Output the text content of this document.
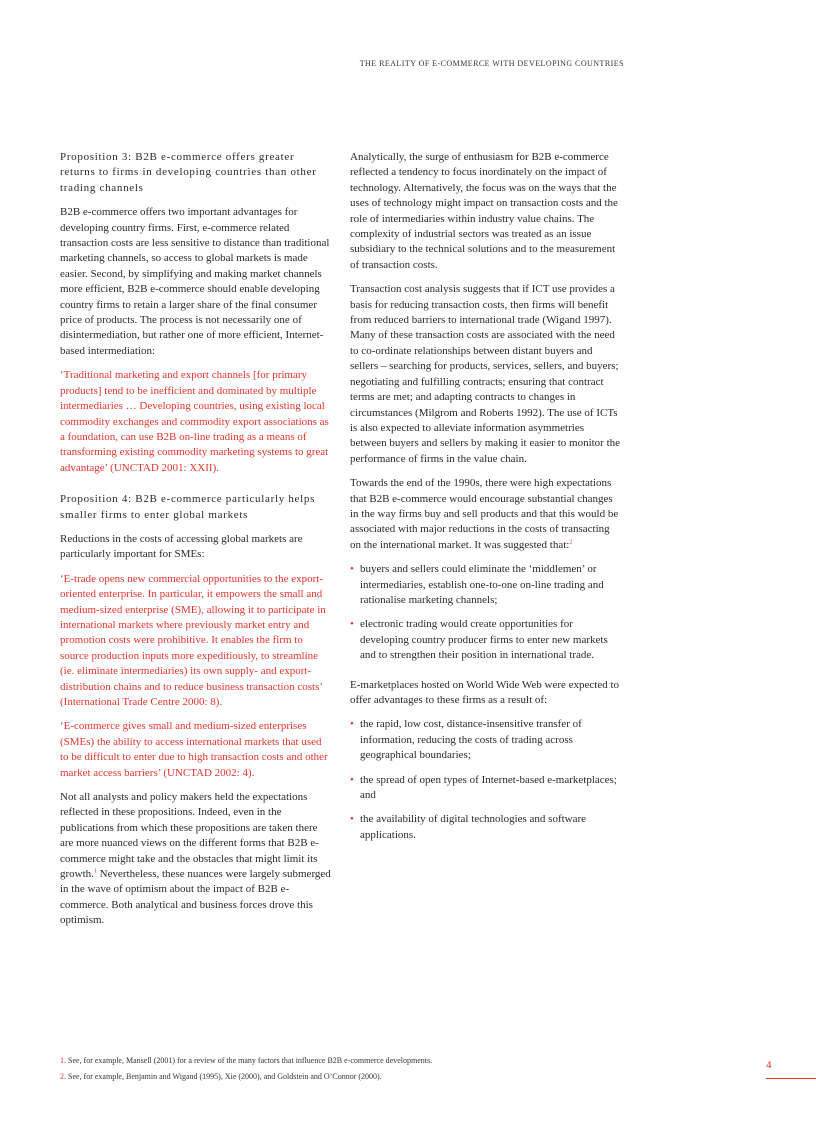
THE REALITY OF E-COMMERCE WITH DEVELOPING COUNTRIES

Proposition 3: B2B e-commerce offers greater returns to firms in developing countries than other trading channels

B2B e-commerce offers two important advantages for developing country firms. First, e-commerce related transaction costs are less sensitive to distance than traditional marketing channels, so access to global markets is made easier. Second, by simplifying and making market channels more efficient, B2B e-commerce should enable developing country firms to retain a larger share of the final consumer price of products. The process is not necessarily one of disintermediation, but rather one of more efficient, Internet-based intermediation:

‘Traditional marketing and export channels [for primary products] tend to be inefficient and dominated by multiple intermediaries … Developing countries, using existing local commodity exchanges and commodity export associations as a foundation, can use B2B on-line trading as a means of transforming existing commodity marketing systems to great advantage’ (UNCTAD 2001: XXII).

Proposition 4: B2B e-commerce particularly helps smaller firms to enter global markets

Reductions in the costs of accessing global markets are particularly important for SMEs:

‘E-trade opens new commercial opportunities to the export-oriented enterprise. In particular, it empowers the small and medium-sized enterprise (SME), allowing it to participate in international markets where previously market entry and promotion costs were prohibitive. It enables the firm to source production inputs more expeditiously, to streamline (ie. eliminate intermediaries) its own supply- and export-distribution chains and to reduce business transaction costs’ (International Trade Centre 2000: 8).

‘E-commerce gives small and medium-sized enterprises (SMEs) the ability to access international markets that used to be difficult to enter due to high transaction costs and other market access barriers’ (UNCTAD 2002: 4).

Not all analysts and policy makers held the expectations reflected in these propositions. Indeed, even in the publications from which these propositions are taken there are more nuanced views on the different forms that B2B e-commerce might take and the obstacles that might limit its growth.$^1$ Nevertheless, these nuances were largely submerged in the wave of optimism about the impact of B2B e-commerce. Both analytical and business forces drove this optimism.

Analytically, the surge of enthusiasm for B2B e-commerce reflected a tendency to focus inordinately on the impact of technology. Alternatively, the focus was on the ways that the uses of technology might impact on transaction costs and the role of intermediaries within industry value chains. The complexity of industrial sectors was treated as an issue subsidiary to the technical solutions and to the measurement of transaction costs.

Transaction cost analysis suggests that if ICT use provides a basis for reducing transaction costs, then firms will benefit from reduced barriers to international trade (Wigand 1997). Many of these transaction costs are associated with the need to co-ordinate relationships between distant buyers and sellers – searching for products, services, sellers, and buyers; negotiating and fulfilling contracts; ensuring that contract terms are met; and adapting contracts to changes in circumstances (Milgrom and Roberts 1992). The use of ICTs is also expected to alleviate information asymmetries between buyers and sellers by making it easier to monitor the performance of firms in the value chain.

Towards the end of the 1990s, there were high expectations that B2B e-commerce would encourage substantial changes in the way firms buy and sell products and that this would be associated with major reductions in the costs of transacting on the international market. It was suggested that:$^2$

• buyers and sellers could eliminate the ‘middlemen’ or intermediaries, establish one-to-one on-line trading and rationalise marketing channels;
• electronic trading would create opportunities for developing country producer firms to enter new markets and to strengthen their position in international trade.

E-marketplaces hosted on World Wide Web were expected to offer advantages to these firms as a result of:

• the rapid, low cost, distance-insensitive transfer of information, reducing the costs of trading across geographical boundaries;
• the spread of open types of Internet-based e-marketplaces; and
• the availability of digital technologies and software applications.
1. See, for example, Mansell (2001) for a review of the many factors that influence B2B e-commerce developments.
2. See, for example, Benjamin and Wigand (1995), Xie (2000), and Goldstein and O’Connor (2000).
4
